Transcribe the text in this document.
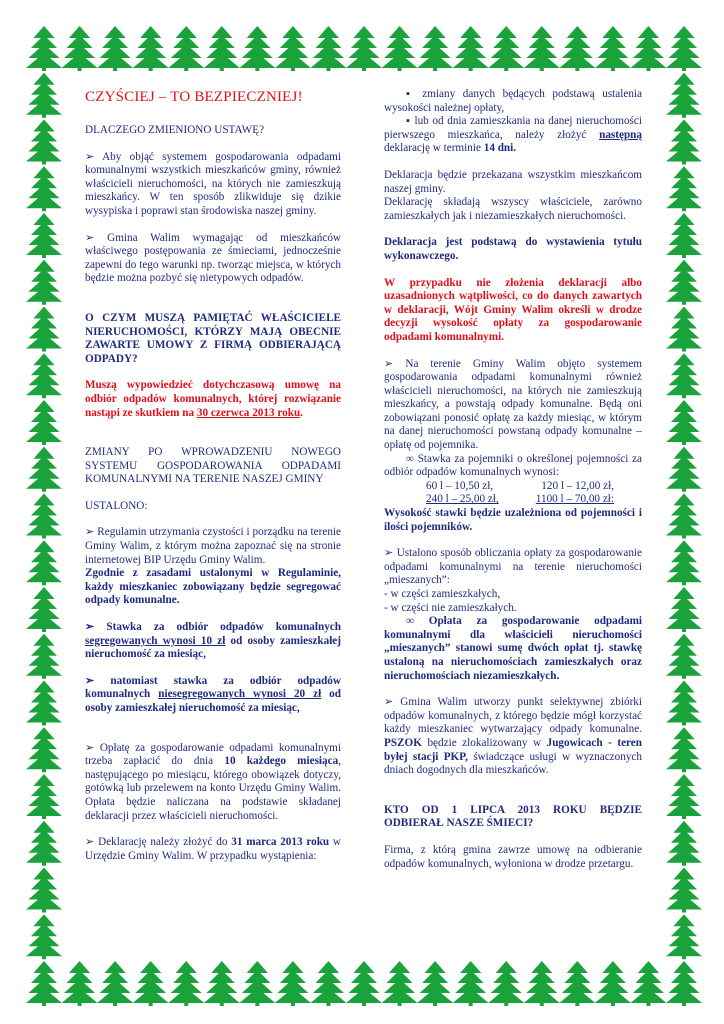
CZYŚCIEJ – TO BEZPIECZNIEJ!

DLACZEGO ZMIENIONO USTAWĘ?

➢ Aby objąć systemem gospodarowania odpadami komunalnymi wszystkich mieszkańców gminy, również właścicieli nieruchomości, na których nie zamieszkują mieszkańcy. W ten sposób zlikwiduje się dzikie wysypiska i poprawi stan środowiska naszej gminy.

➢ Gmina Walim wymagając od mieszkańców właściwego postępowania ze śmieciami, jednocześnie zapewni do tego warunki np. tworząc miejsca, w których będzie można pozbyć się nietypowych odpadów.

O CZYM MUSZĄ PAMIĘTAĆ WŁAŚCICIELE NIERUCHOMOŚCI, KTÓRZY MAJĄ OBECNIE ZAWARTE UMOWY Z FIRMĄ ODBIERAJĄCĄ ODPADY?

Muszą wypowiedzieć dotychczasową umowę na odbiór odpadów komunalnych, której rozwiązanie nastąpi ze skutkiem na 30 czerwca 2013 roku.

ZMIANY PO WPROWADZENIU NOWEGO SYSTEMU GOSPODAROWANIA ODPADAMI KOMUNALNYMI NA TERENIE NASZEJ GMINY

USTALONO:

➢ Regulamin utrzymania czystości i porządku na terenie Gminy Walim, z którym można zapoznać się na stronie internetowej BIP Urzędu Gminy Walim.

Zgodnie z zasadami ustalonymi w Regulaminie, każdy mieszkaniec zobowiązany będzie segregować odpady komunalne.

➢ Stawka za odbiór odpadów komunalnych segregowanych wynosi 10 zł od osoby zamieszkałej nieruchomość za miesiąc,

➢ natomiast stawka za odbiór odpadów komunalnych niesegregowanych wynosi 20 zł od osoby zamieszkałej nieruchomość za miesiąc,

➢ Opłatę za gospodarowanie odpadami komunalnymi trzeba zapłacić do dnia 10 każdego miesiąca, następującego po miesiącu, którego obowiązek dotyczy, gotówką lub przelewem na konto Urzędu Gminy Walim. Opłata będzie naliczana na podstawie składanej deklaracji przez właścicieli nieruchomości.

➢ Deklarację należy złożyć do 31 marca 2013 roku w Urzędzie Gminy Walim. W przypadku wystąpienia:

▪ zmiany danych będących podstawą ustalenia wysokości należnej opłaty,

▪ lub od dnia zamieszkania na danej nieruchomości pierwszego mieszkańca, należy złożyć następną deklarację w terminie 14 dni.

Deklaracja będzie przekazana wszystkim mieszkańcom naszej gminy.

Deklarację składają wszyscy właściciele, zarówno zamieszkałych jak i niezamieszkałych nieruchomości.

Deklaracja jest podstawą do wystawienia tytułu wykonawczego.

W przypadku nie złożenia deklaracji albo uzasadnionych wątpliwości, co do danych zawartych w deklaracji, Wójt Gminy Walim określi w drodze decyzji wysokość opłaty za gospodarowanie odpadami komunalnymi.

➢ Na terenie Gminy Walim objęto systemem gospodarowania odpadami komunalnymi również właścicieli nieruchomości, na których nie zamieszkują mieszkańcy, a powstają odpady komunalne. Będą oni zobowiązani ponosić opłatę za każdy miesiąc, w którym na danej nieruchomości powstaną odpady komunalne – opłatę od pojemnika.

∞ Stawka za pojemniki o określonej pojemności za odbiór odpadów komunalnych wynosi:

60 l – 10,50 zł,	120 l – 12,00 zł,
240 l – 25,00 zł,	1100 l – 70,00 zł:

Wysokość stawki będzie uzależniona od pojemności i ilości pojemników.

➢ Ustalono sposób obliczania opłaty za gospodarowanie odpadami komunalnymi na terenie nieruchomości „mieszanych”:

- w części zamieszkałych,

- w części nie zamieszkałych.

∞ Opłata za gospodarowanie odpadami komunalnymi dla właścicieli nieruchomości „mieszanych” stanowi sumę dwóch opłat tj. stawkę ustaloną na nieruchomościach zamieszkałych oraz nieruchomościach niezamieszkałych.

➢ Gmina Walim utworzy punkt selektywnej zbiórki odpadów komunalnych, z którego będzie mógł korzystać każdy mieszkaniec wytwarzający odpady komunalne. PSZOK będzie zlokalizowany w Jugowicach - teren byłej stacji PKP, świadczące usługi w wyznaczonych dniach dogodnych dla mieszkańców.

KTO OD 1 LIPCA 2013 ROKU BĘDZIE ODBIERAŁ NASZE ŚMIECI?

Firma, z którą gmina zawrze umowę na odbieranie odpadów komunalnych, wyłoniona w drodze przetargu.
